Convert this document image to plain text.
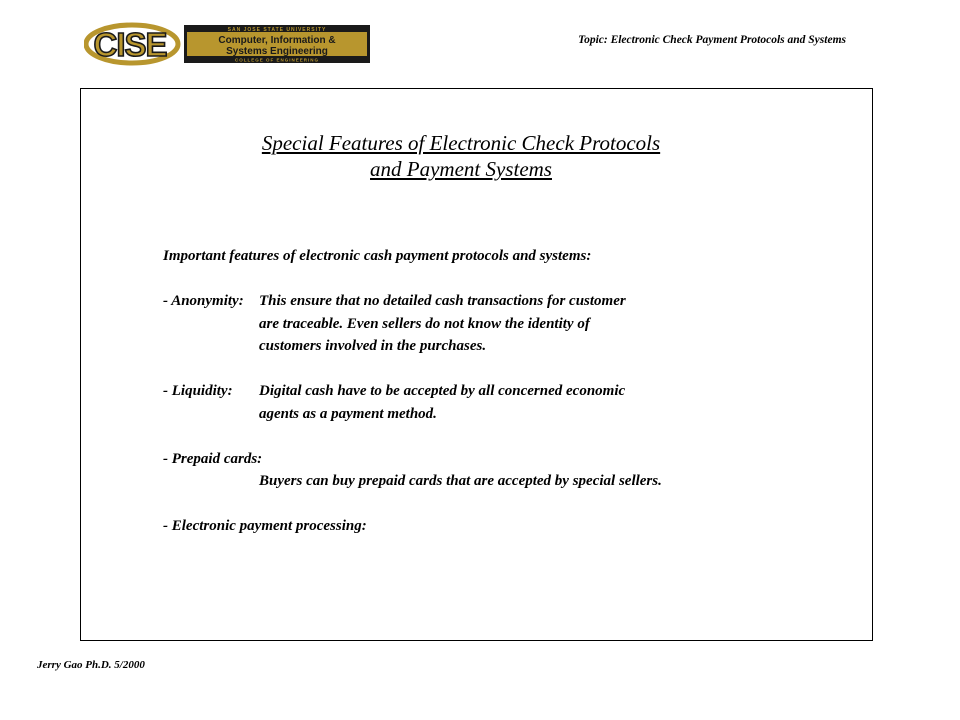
CISE	SAN JOSE STATE UNIVERSITY
Computer, Information &
Systems Engineering
COLLEGE OF ENGINEERING
Topic: Electronic Check Payment Protocols and Systems
Special Features of Electronic Check Protocols
and Payment Systems
Important features of electronic cash payment protocols and systems:
- Anonymity: This ensure that no detailed cash transactions for customer
are traceable. Even sellers do not know the identity of
customers involved in the purchases.
- Liquidity: Digital cash have to be accepted by all concerned economic
agents as a payment method.
- Prepaid cards:
Buyers can buy prepaid cards that are accepted by special sellers.
- Electronic payment processing:
Jerry Gao Ph.D. 5/2000
